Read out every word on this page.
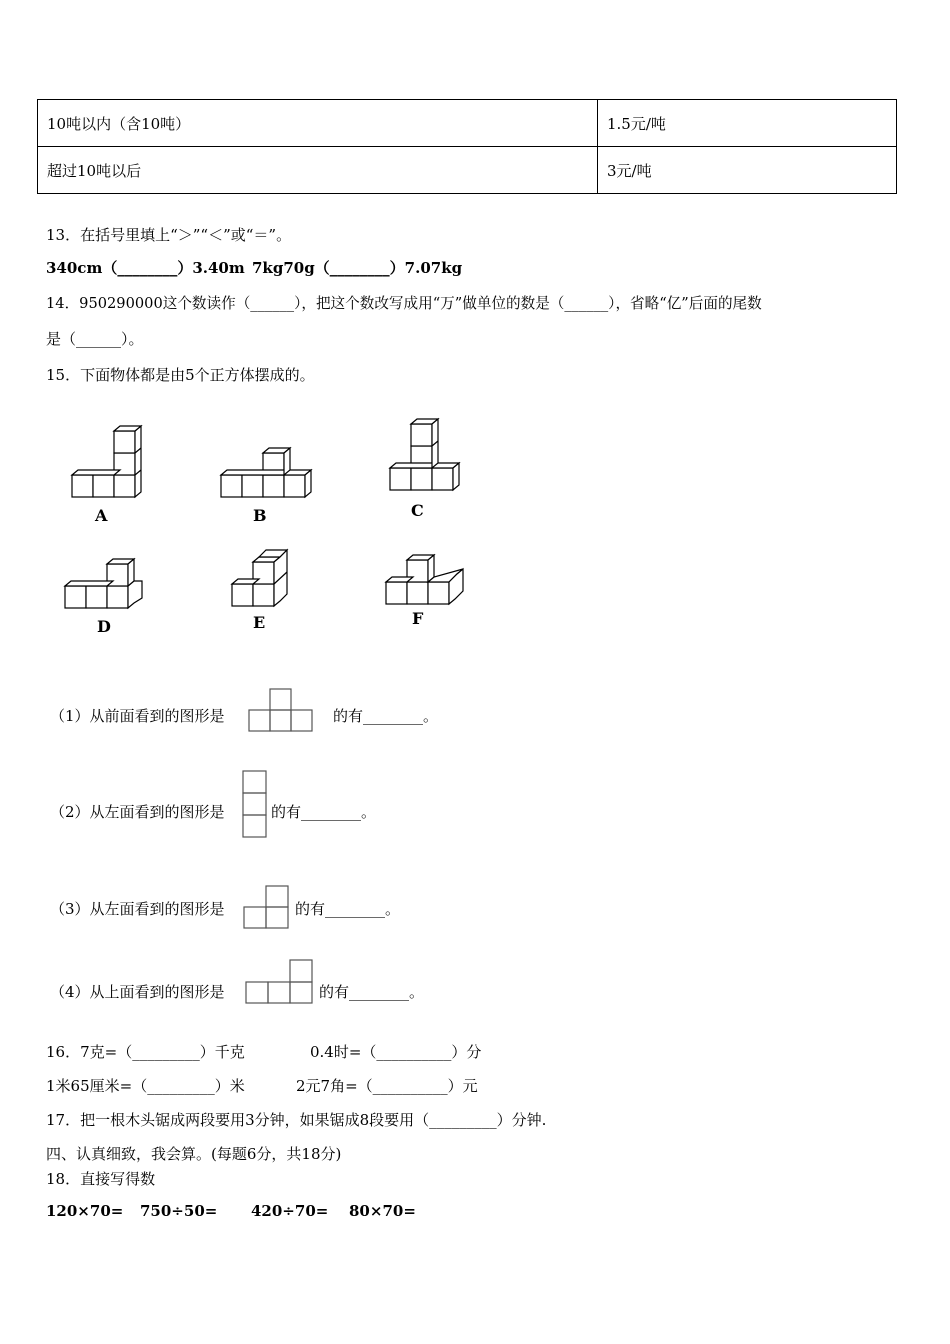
10吨以内（含10吨）	1.5元/吨
超过10吨以后	3元/吨
13．在括号里填上“＞”“＜”或“＝”。
340cm（________）3.40m 7kg70g（________）7.07kg
14．950290000这个数读作（______），把这个数改写成用“万”做单位的数是（______），省略“亿”后面的尾数
是（______）。
15．下面物体都是由5个正方体摆成的。
A	B	C
D	E	F
（1）从前面看到的图形是	的有________。
（2）从左面看到的图形是	的有________。
（3）从左面看到的图形是	的有________。
（4）从上面看到的图形是	的有________。
16．7克=（_________）千克	0.4时=（__________）分
1米65厘米=（_________）米	2元7角=（__________）元
17．把一根木头锯成两段要用3分钟，如果锯成8段要用（_________）分钟.
四、认真细致，我会算。(每题6分，共18分)
18．直接写得数
120×70= 750÷50= 420÷70= 80×70=
